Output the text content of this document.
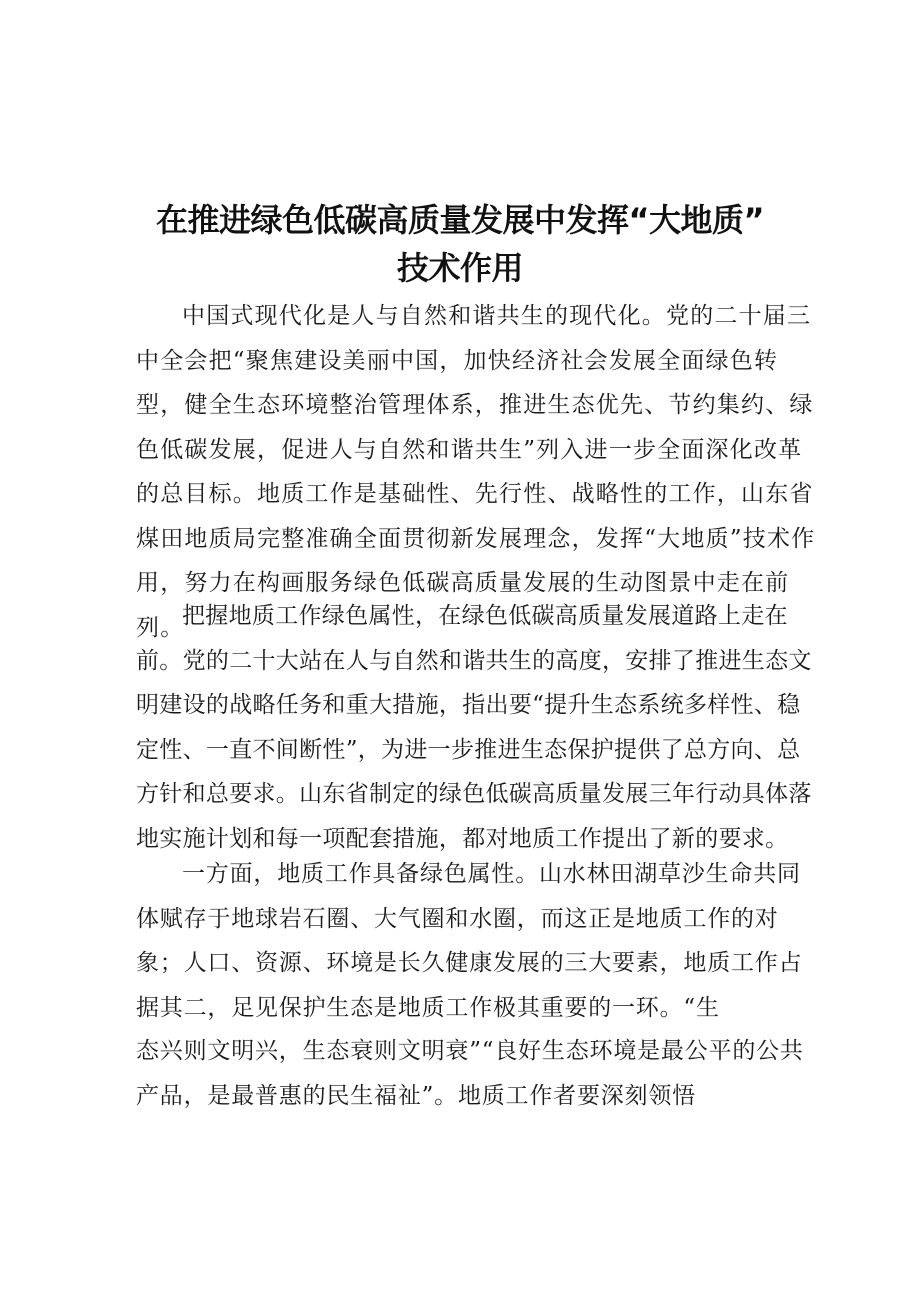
在推进绿色低碳高质量发展中发挥“大地质”
技术作用

中国式现代化是人与自然和谐共生的现代化。党的二十届三中全会把“聚焦建设美丽中国，加快经济社会发展全面绿色转型，健全生态环境整治管理体系，推进生态优先、节约集约、绿色低碳发展，促进人与自然和谐共生”列入进一步全面深化改革的总目标。地质工作是基础性、先行性、战略性的工作，山东省煤田地质局完整准确全面贯彻新发展理念，发挥“大地质”技术作用，努力在构画服务绿色低碳高质量发展的生动图景中走在前列。

把握地质工作绿色属性，在绿色低碳高质量发展道路上走在前。党的二十大站在人与自然和谐共生的高度，安排了推进生态文明建设的战略任务和重大措施，指出要“提升生态系统多样性、稳定性、一直不间断性”，为进一步推进生态保护提供了总方向、总方针和总要求。山东省制定的绿色低碳高质量发展三年行动具体落地实施计划和每一项配套措施，都对地质工作提出了新的要求。

一方面，地质工作具备绿色属性。山水林田湖草沙生命共同体赋存于地球岩石圈、大气圈和水圈，而这正是地质工作的对象；人口、资源、环境是长久健康发展的三大要素，地质工作占据其二，足见保护生态是地质工作极其重要的一环。“生

态兴则文明兴，生态衰则文明衰”“良好生态环境是最公平的公共产品，是最普惠的民生福祉”。地质工作者要深刻领悟
